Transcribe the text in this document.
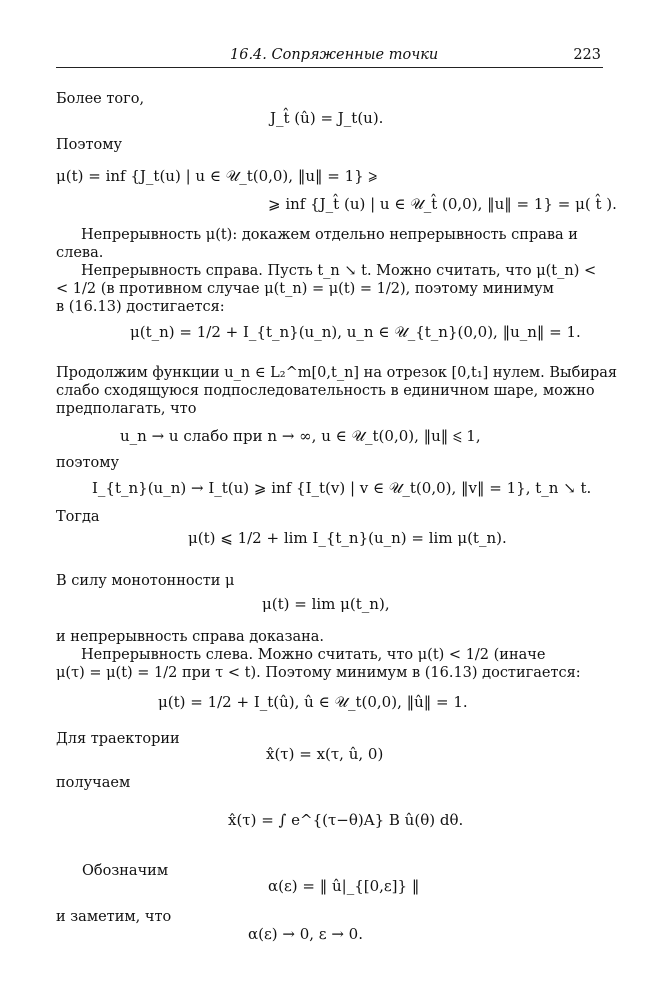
16.4. Сопряженные точки	223
Более того,
J_t̂ (û) = J_t(u).
Поэтому
μ(t) = inf {J_t(u) | u ∈ 𝒰_t(0,0), ‖u‖ = 1} ⩾
⩾ inf {J_t̂ (u) | u ∈ 𝒰_t̂ (0,0), ‖u‖ = 1} = μ( t̂ ).
Непрерывность μ(t): докажем отдельно непрерывность справа и
слева.
Непрерывность справа. Пусть t_n ↘ t. Можно считать, что μ(t_n) <
< 1/2 (в противном случае μ(t_n) = μ(t) = 1/2), поэтому минимум
в (16.13) достигается:
μ(t_n) = 1/2 + I_{t_n}(u_n), u_n ∈ 𝒰_{t_n}(0,0), ‖u_n‖ = 1.
Продолжим функции u_n ∈ L₂^m[0,t_n] на отрезок [0,t₁] нулем. Выбирая
слабо сходящуюся подпоследовательность в единичном шаре, можно
предполагать, что
u_n → u слабо при n → ∞, u ∈ 𝒰_t(0,0), ‖u‖ ⩽ 1,
поэтому
I_{t_n}(u_n) → I_t(u) ⩾ inf {I_t(v) | v ∈ 𝒰_t(0,0), ‖v‖ = 1}, t_n ↘ t.
Тогда
μ(t) ⩽ 1/2 + lim I_{t_n}(u_n) = lim μ(t_n).
В силу монотонности μ
μ(t) = lim μ(t_n),
и непрерывность справа доказана.
Непрерывность слева. Можно считать, что μ(t) < 1/2 (иначе
μ(τ) = μ(t) = 1/2 при τ < t). Поэтому минимум в (16.13) достигается:
μ(t) = 1/2 + I_t(û), û ∈ 𝒰_t(0,0), ‖û‖ = 1.
Для траектории
x̂(τ) = x(τ, û, 0)
получаем
x̂(τ) = ∫ e^{(τ−θ)A} B û(θ) dθ.
Обозначим
α(ε) = ‖ û|_{[0,ε]} ‖
и заметим, что
α(ε) → 0, ε → 0.
